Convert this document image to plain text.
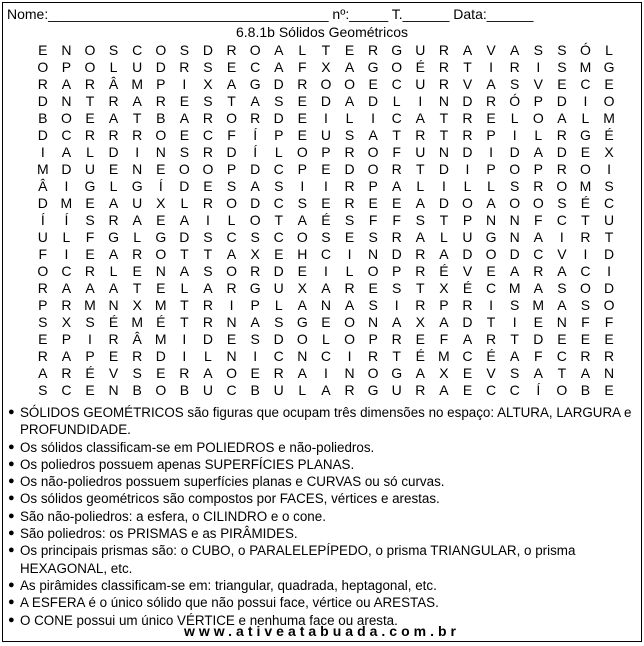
Nome:____________________________________ nº:_____ T.______ Data:______
6.8.1b Sólidos Geométricos
E	N	O	S	C	O	S	D	R	O	A	L	T	E	R	G	U	R	A	V	A	S	S	Ó	L
O	P	O	L	U	D	R	S	E	C	A	F	X	A	G	O	É	R	T	I	R	I	S	M	G
R	A	R	Â	M	P	I	X	A	G	D	R	O	O	E	C	U	R	V	A	S	V	E	C	E
D	N	T	R	A	R	E	S	T	A	S	E	D	A	D	L	I	N	D	R	Ó	P	D	I	O
B	O	E	A	T	B	A	R	O	R	D	E	I	L	I	C	A	T	R	E	L	O	A	L	M
D	C	R	R	R	O	E	C	F	Í	P	E	U	S	A	T	R	T	R	P	I	L	R	G	É
I	A	L	D	I	N	S	R	D	Í	L	O	P	R	O	F	U	N	D	I	D	A	D	E	X
M	D	U	E	N	E	O	O	P	D	C	P	E	D	O	R	T	D	I	P	O	P	R	O	I
Â	I	G	L	G	Í	D	E	S	A	S	I	I	R	P	A	L	I	L	L	S	R	O	M	S
D	M	E	A	U	X	L	R	O	D	C	S	E	R	E	E	A	D	O	A	O	O	S	É	C
Í	Í	S	R	A	E	A	I	L	O	T	A	É	S	F	F	S	T	P	N	N	F	C	T	U
U	L	F	G	L	G	D	S	C	S	C	O	S	E	S	R	A	L	U	G	N	A	I	R	T
F	I	E	A	R	O	T	T	A	X	E	H	C	I	N	D	R	A	D	O	D	C	V	I	D
O	C	R	L	E	N	A	S	O	R	D	E	I	L	O	P	R	É	V	E	A	R	A	C	I
R	A	A	A	T	E	L	A	R	G	U	X	A	R	E	S	T	X	É	C	M	A	S	O	D
P	R	M	N	X	M	T	R	I	P	L	A	N	A	S	I	R	P	R	I	S	M	A	S	O
S	X	S	É	M	É	T	R	N	A	S	G	E	O	N	A	X	A	D	T	I	E	N	F	F
E	P	I	R	Â	M	I	D	E	S	D	O	L	O	P	R	E	F	A	R	T	D	E	E	E
R	A	P	E	R	D	I	L	N	I	C	N	C	I	R	T	É	M	C	É	A	F	C	R	R
A	R	É	V	S	E	R	A	O	E	R	A	I	N	O	G	A	X	E	V	S	A	T	A	N
S	C	E	N	B	O	B	U	C	B	U	L	A	R	G	U	R	A	E	C	C	Í	O	B	E
● SÓLIDOS GEOMÉTRICOS são figuras que ocupam três dimensões no espaço: ALTURA, LARGURA e PROFUNDIDADE.
● Os sólidos classificam-se em POLIEDROS e não-poliedros.
● Os poliedros possuem apenas SUPERFÍCIES PLANAS.
● Os não-poliedros possuem superfícies planas e CURVAS ou só curvas.
● Os sólidos geométricos são compostos por FACES, vértices e arestas.
● São não-poliedros: a esfera, o CILINDRO e o cone.
● São poliedros: os PRISMAS e as PIRÂMIDES.
● Os principais prismas são: o CUBO, o PARALELEPÍPEDO, o prisma TRIANGULAR, o prisma HEXAGONAL, etc.
● As pirâmides classificam-se em: triangular, quadrada, heptagonal, etc.
● A ESFERA é o único sólido que não possui face, vértice ou ARESTAS.
● O CONE possui um único VÉRTICE e nenhuma face ou aresta.
www.ativeatabuada.com.br
